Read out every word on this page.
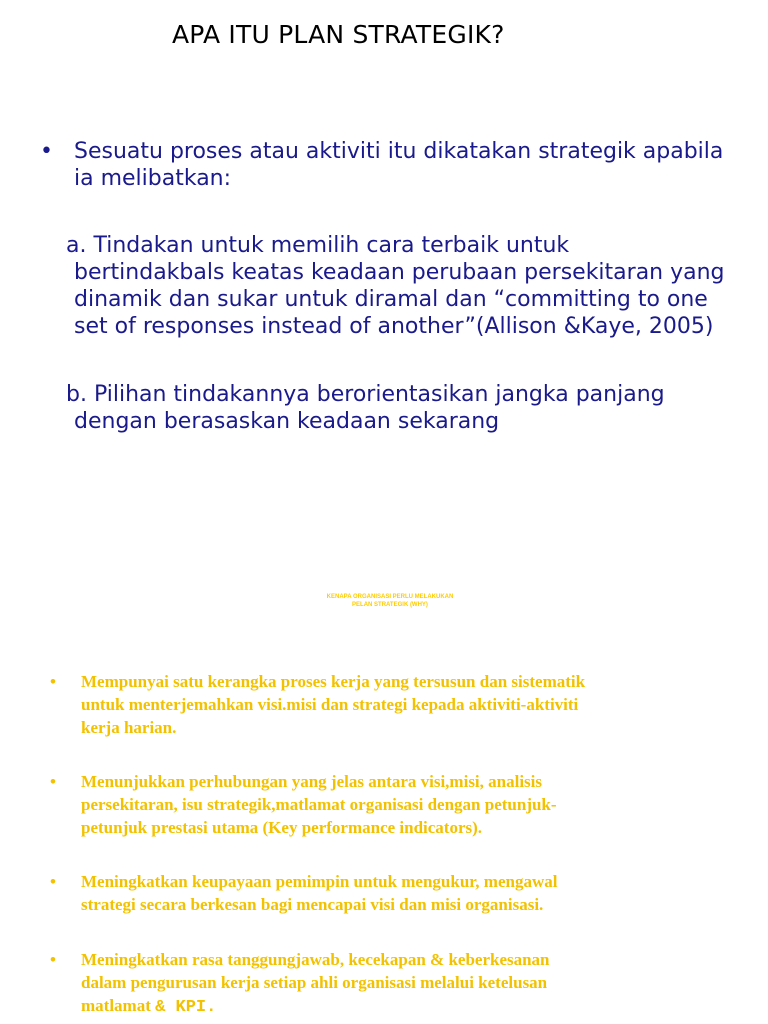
APA ITU PLAN STRATEGIK?
• Sesuatu proses atau aktiviti itu dikatakan strategik apabila
ia melibatkan:
a. Tindakan untuk memilih cara terbaik untuk
bertindakbals keatas keadaan perubaan persekitaran yang
dinamik dan sukar untuk diramal dan “committing to one
set of responses instead of another”(Allison &Kaye, 2005)
b. Pilihan tindakannya berorientasikan jangka panjang
dengan berasaskan keadaan sekarang
KENAPA ORGANISASI PERLU MELAKUKAN
PELAN STRATEGIK (WHY)
• Mempunyai satu kerangka proses kerja yang tersusun dan sistematik
untuk menterjemahkan visi.misi dan strategi kepada aktiviti-aktiviti
kerja harian.
• Menunjukkan perhubungan yang jelas antara visi,misi, analisis
persekitaran, isu strategik,matlamat organisasi dengan petunjuk-
petunjuk prestasi utama (Key performance indicators).
• Meningkatkan keupayaan pemimpin untuk mengukur, mengawal
strategi secara berkesan bagi mencapai visi dan misi organisasi.
• Meningkatkan rasa tanggungjawab, kecekapan & keberkesanan
dalam pengurusan kerja setiap ahli organisasi melalui ketelusan
matlamat & KPI.
